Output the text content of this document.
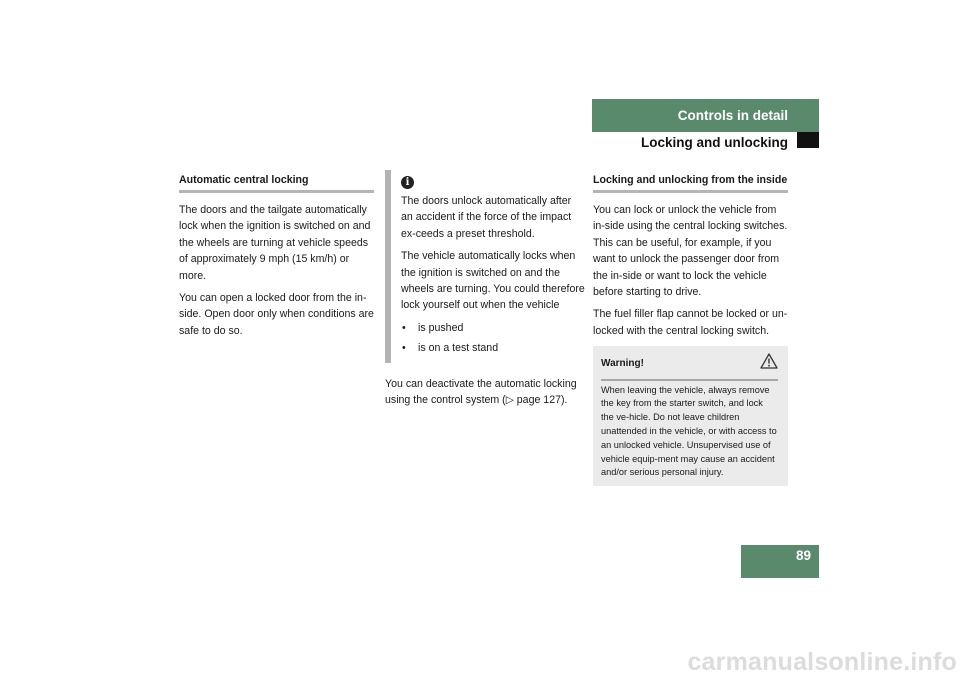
Controls in detail
Locking and unlocking
Automatic central locking

The doors and the tailgate automatically lock when the ignition is switched on and the wheels are turning at vehicle speeds of approximately 9 mph (15 km/h) or more.

You can open a locked door from the in-side. Open door only when conditions are safe to do so.

i

The doors unlock automatically after an accident if the force of the impact ex-ceeds a preset threshold.

The vehicle automatically locks when the ignition is switched on and the wheels are turning. You could therefore lock yourself out when the vehicle

• is pushed
• is on a test stand

You can deactivate the automatic locking using the control system (▷ page 127).

Locking and unlocking from the inside

You can lock or unlock the vehicle from in-side using the central locking switches. This can be useful, for example, if you want to unlock the passenger door from the in-side or want to lock the vehicle before starting to drive.

The fuel filler flap cannot be locked or un-locked with the central locking switch.

Warning!
When leaving the vehicle, always remove the key from the starter switch, and lock the ve-hicle. Do not leave children unattended in the vehicle, or with access to an unlocked vehicle. Unsupervised use of vehicle equip-ment may cause an accident and/or serious personal injury.
89
carmanualsonline.info
